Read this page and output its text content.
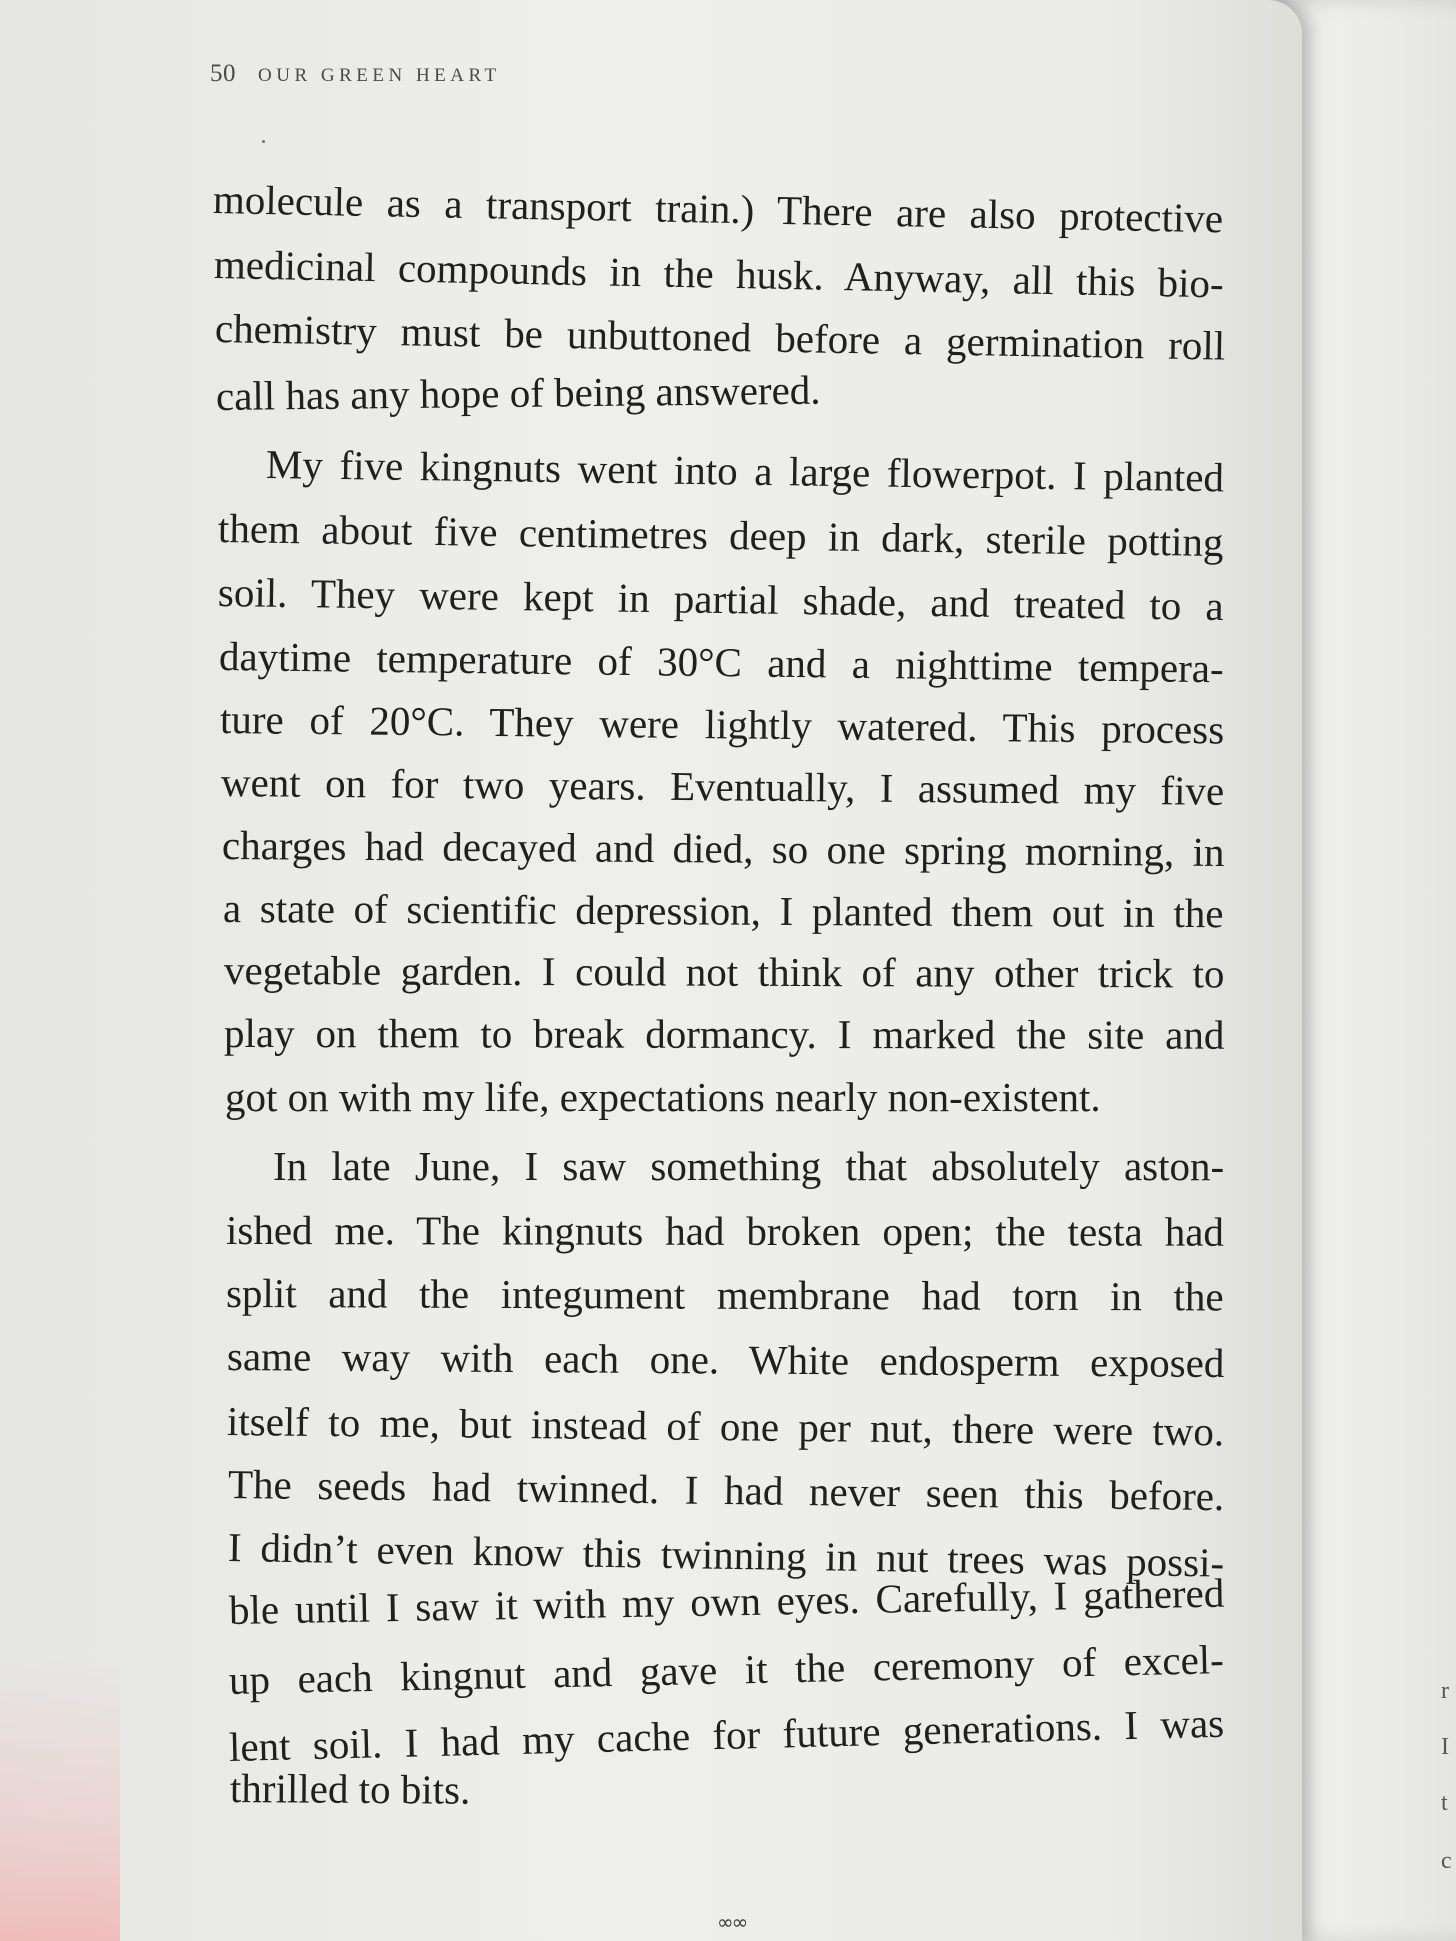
r
I
t
c
50 OUR GREEN HEART
molecule as a transport train.) There are also protective
medicinal compounds in the husk. Anyway, all this bio-
chemistry must be unbuttoned before a germination roll
call has any hope of being answered.
My five kingnuts went into a large flowerpot. I planted
them about five centimetres deep in dark, sterile potting
soil. They were kept in partial shade, and treated to a
daytime temperature of 30°C and a nighttime tempera-
ture of 20°C. They were lightly watered. This process
went on for two years. Eventually, I assumed my five
charges had decayed and died, so one spring morning, in
a state of scientific depression, I planted them out in the
vegetable garden. I could not think of any other trick to
play on them to break dormancy. I marked the site and
got on with my life, expectations nearly non-existent.
In late June, I saw something that absolutely aston-
ished me. The kingnuts had broken open; the testa had
split and the integument membrane had torn in the
same way with each one. White endosperm exposed
itself to me, but instead of one per nut, there were two.
The seeds had twinned. I had never seen this before.
I didn’t even know this twinning in nut trees was possi-
ble until I saw it with my own eyes. Carefully, I gathered
up each kingnut and gave it the ceremony of excel-
lent soil. I had my cache for future generations. I was
thrilled to bits.
∞∞
